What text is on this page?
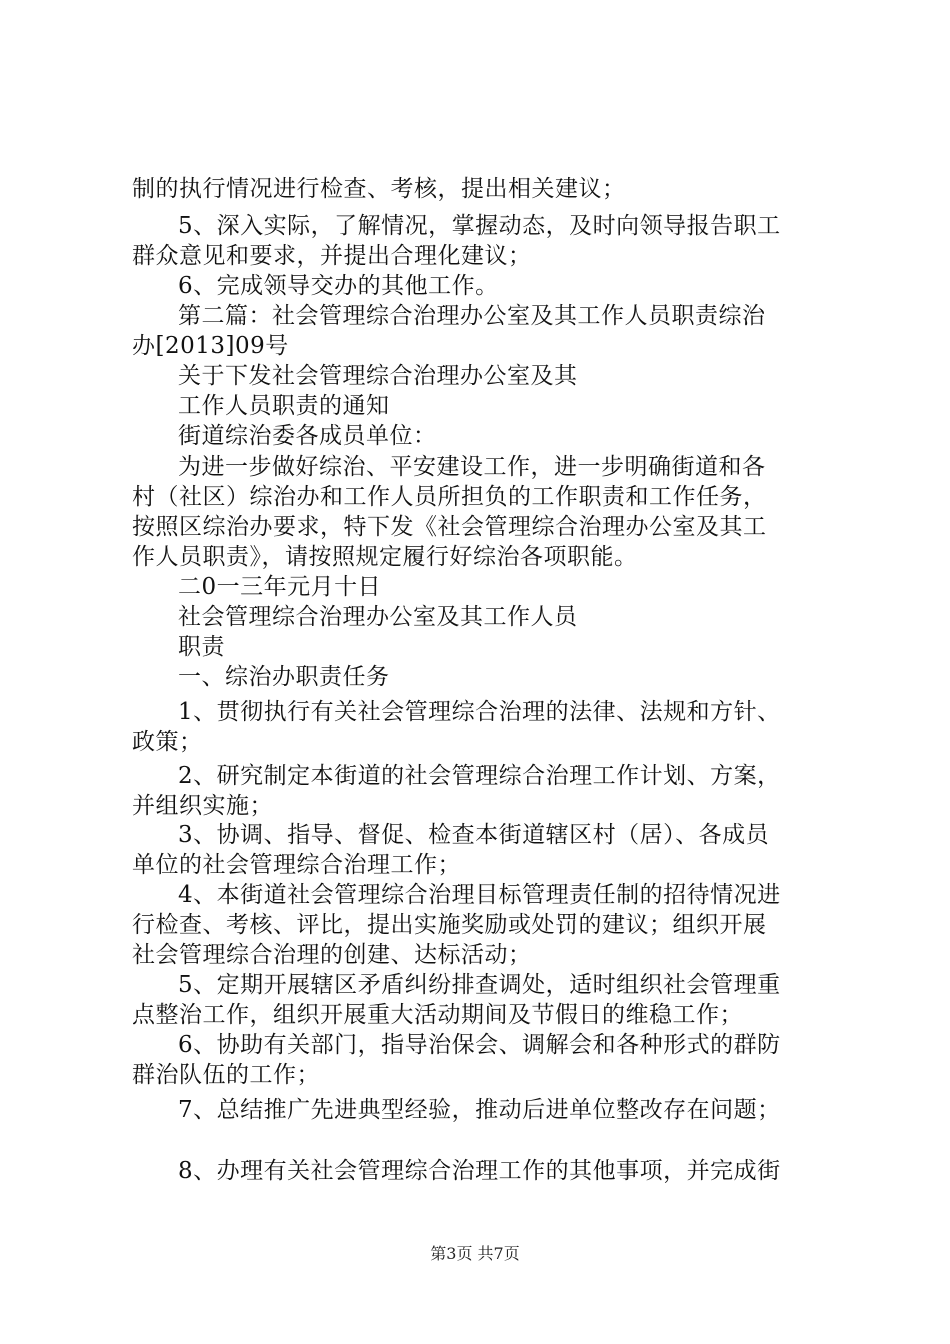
制的执行情况进行检查、考核，提出相关建议；
5、深入实际，了解情况，掌握动态，及时向领导报告职工
群众意见和要求，并提出合理化建议；
6、完成领导交办的其他工作。
第二篇：社会管理综合治理办公室及其工作人员职责综治
办[2013]09号
关于下发社会管理综合治理办公室及其
工作人员职责的通知
街道综治委各成员单位：
为进一步做好综治、平安建设工作，进一步明确街道和各
村（社区）综治办和工作人员所担负的工作职责和工作任务，
按照区综治办要求，特下发《社会管理综合治理办公室及其工
作人员职责》，请按照规定履行好综治各项职能。
二0一三年元月十日
社会管理综合治理办公室及其工作人员
职责
一、综治办职责任务
1、贯彻执行有关社会管理综合治理的法律、法规和方针、
政策；
2、研究制定本街道的社会管理综合治理工作计划、方案，
并组织实施；
3、协调、指导、督促、检查本街道辖区村（居）、各成员
单位的社会管理综合治理工作；
4、本街道社会管理综合治理目标管理责任制的招待情况进
行检查、考核、评比，提出实施奖励或处罚的建议；组织开展
社会管理综合治理的创建、达标活动；
5、定期开展辖区矛盾纠纷排查调处，适时组织社会管理重
点整治工作，组织开展重大活动期间及节假日的维稳工作；
6、协助有关部门，指导治保会、调解会和各种形式的群防
群治队伍的工作；
7、总结推广先进典型经验，推动后进单位整改存在问题；
8、办理有关社会管理综合治理工作的其他事项，并完成街
第3页 共7页
